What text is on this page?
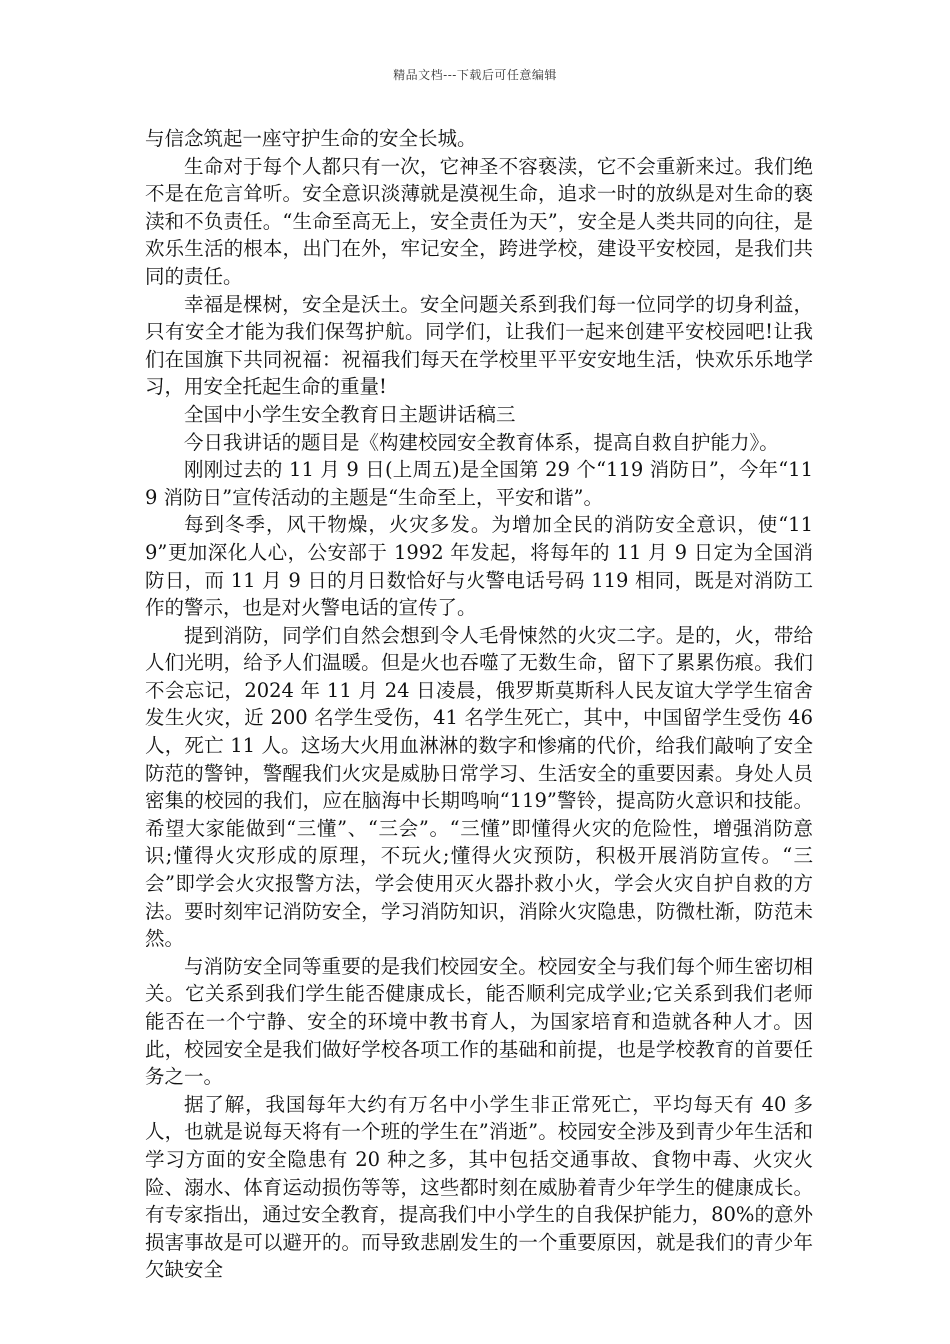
精品文档---下载后可任意编辑

与信念筑起一座守护生命的安全长城。

生命对于每个人都只有一次，它神圣不容亵渎，它不会重新来过。我们绝不是在危言耸听。安全意识淡薄就是漠视生命，追求一时的放纵是对生命的亵渎和不负责任。“生命至高无上，安全责任为天”，安全是人类共同的向往，是欢乐生活的根本，出门在外，牢记安全，跨进学校，建设平安校园，是我们共同的责任。

幸福是棵树，安全是沃土。安全问题关系到我们每一位同学的切身利益，只有安全才能为我们保驾护航。同学们，让我们一起来创建平安校园吧!让我们在国旗下共同祝福：祝福我们每天在学校里平平安安地生活，快欢乐乐地学习，用安全托起生命的重量!

全国中小学生安全教育日主题讲话稿三

今日我讲话的题目是《构建校园安全教育体系，提高自救自护能力》。

刚刚过去的 11 月 9 日(上周五)是全国第 29 个“119 消防日”，今年“119 消防日”宣传活动的主题是“生命至上，平安和谐”。

每到冬季，风干物燥，火灾多发。为增加全民的消防安全意识，使“119”更加深化人心，公安部于 1992 年发起，将每年的 11 月 9 日定为全国消防日，而 11 月 9 日的月日数恰好与火警电话号码 119 相同，既是对消防工作的警示，也是对火警电话的宣传了。

提到消防，同学们自然会想到令人毛骨悚然的火灾二字。是的，火，带给人们光明，给予人们温暖。但是火也吞噬了无数生命，留下了累累伤痕。我们不会忘记，2024 年 11 月 24 日凌晨，俄罗斯莫斯科人民友谊大学学生宿舍发生火灾，近 200 名学生受伤，41 名学生死亡，其中，中国留学生受伤 46 人，死亡 11 人。这场大火用血淋淋的数字和惨痛的代价，给我们敲响了安全防范的警钟，警醒我们火灾是威胁日常学习、生活安全的重要因素。身处人员密集的校园的我们，应在脑海中长期鸣响“119”警铃，提高防火意识和技能。希望大家能做到“三懂”、“三会”。“三懂”即懂得火灾的危险性，增强消防意识;懂得火灾形成的原理，不玩火;懂得火灾预防，积极开展消防宣传。“三会”即学会火灾报警方法，学会使用灭火器扑救小火，学会火灾自护自救的方法。要时刻牢记消防安全，学习消防知识，消除火灾隐患，防微杜渐，防范未然。

与消防安全同等重要的是我们校园安全。校园安全与我们每个师生密切相关。它关系到我们学生能否健康成长，能否顺利完成学业;它关系到我们老师能否在一个宁静、安全的环境中教书育人，为国家培育和造就各种人才。因此，校园安全是我们做好学校各项工作的基础和前提，也是学校教育的首要任务之一。

据了解，我国每年大约有万名中小学生非正常死亡，平均每天有 40 多人，也就是说每天将有一个班的学生在”消逝”。校园安全涉及到青少年生活和学习方面的安全隐患有 20 种之多，其中包括交通事故、食物中毒、火灾火险、溺水、体育运动损伤等等，这些都时刻在威胁着青少年学生的健康成长。有专家指出，通过安全教育，提高我们中小学生的自我保护能力，80%的意外损害事故是可以避开的。而导致悲剧发生的一个重要原因，就是我们的青少年欠缺安全
